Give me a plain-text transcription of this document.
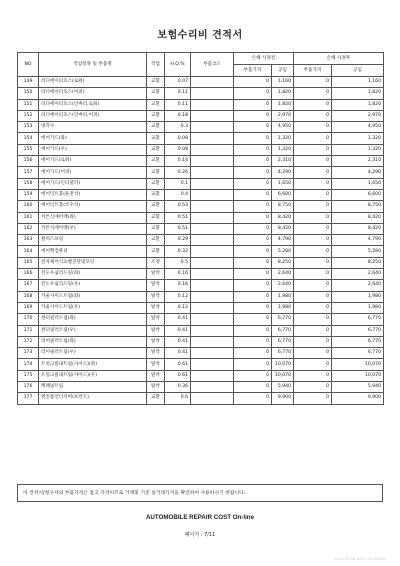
보험수리비 견적서
NO	작업항목 및 부품명	작업	H.Q.%	부품코드	손해 사정전		손해 사정후	
					부품가격	공임	부품가격	공임
149	라디에이터호스(로워)	교환	0.07		0	1,160	0	1,160
150	라디에이터호스(어퍼)	교환	0.11		0	1,820	0	1,820
151	라디에이터호스(인버터,로워)	교환	0.11		0	1,820	0	1,820
152	라디에이터호스(인버터,어퍼)	교환	0.18		0	2,970	0	2,970
153	냉각수	교환	0.3		0	4,950	0	4,950
154	에어가드(좌)	교환	0.08		0	1,320	0	1,320
155	에어가드(우)	교환	0.08		0	1,320	0	1,320
156	에어가드(로워)	교환	0.14		0	2,310	0	2,310
157	에어가드(어퍼)	교환	0.26		0	4,290	0	4,290
158	에어가드(인터쿨러)	교환	0.1		0	1,650	0	1,650
159	에어덕트홀(운전석)	교환	0.4		0	6,600	0	6,600
160	에어덕트홀(조수석)	교환	0.53		0	8,750	0	8,750
161	커튼식에어백(좌)	교환	0.51		0	8,420	0	8,420
162	커튼식에어백(우)	교환	0.51		0	8,420	0	8,420
163	클럭스프링	교환	0.29		0	4,790	0	4,790
164	에어백컴퓨터	교환	0.32		0	5,280	0	5,280
165	전자제어식쇼벨진단및코딩	조정	0.5		0	8,250	0	8,250
166	윈도우쉴리드링(좌)	탈착	0.16		0	2,640	0	2,640
167	윈도우쉴리드링(우)	탈착	0.16		0	2,640	0	2,640
168	카울사이드트림(좌)	탈착	0.12		0	1,980	0	1,980
169	카울사이드트림(우)	탈착	0.12		0	1,980	0	1,980
170	센터필러트림(좌)	탈착	0.41		0	6,770	0	6,770
171	센터필러트림(우)	탈착	0.41		0	6,770	0	6,770
172	리어필러트림(좌)	탈착	0.41		0	6,770	0	6,770
173	리어필러트림(우)	탈착	0.41		0	6,770	0	6,770
174	트렁크룸내트림(사이드)(좌)	탈착	0.61		0	10,070	0	10,070
175	트렁크룸내트림(사이드)(우)	탈착	0.61		0	10,070	0	10,070
176	백패널트림	탈착	0.36		0	5,940	0	5,940
177	엔진룸언더커버(프런트)	교환	0.6		0	9,900	0	9,900
이 견적서/청구서의 부품가격은 참고 가격이므로 거래및 기준 실거래가격을 확인하여 사용하시기 바랍니다.
AUTOMOBILE REPAIR COST On-line
페이지 : 7/11
2024-05-08 10:27:40 AIY001
